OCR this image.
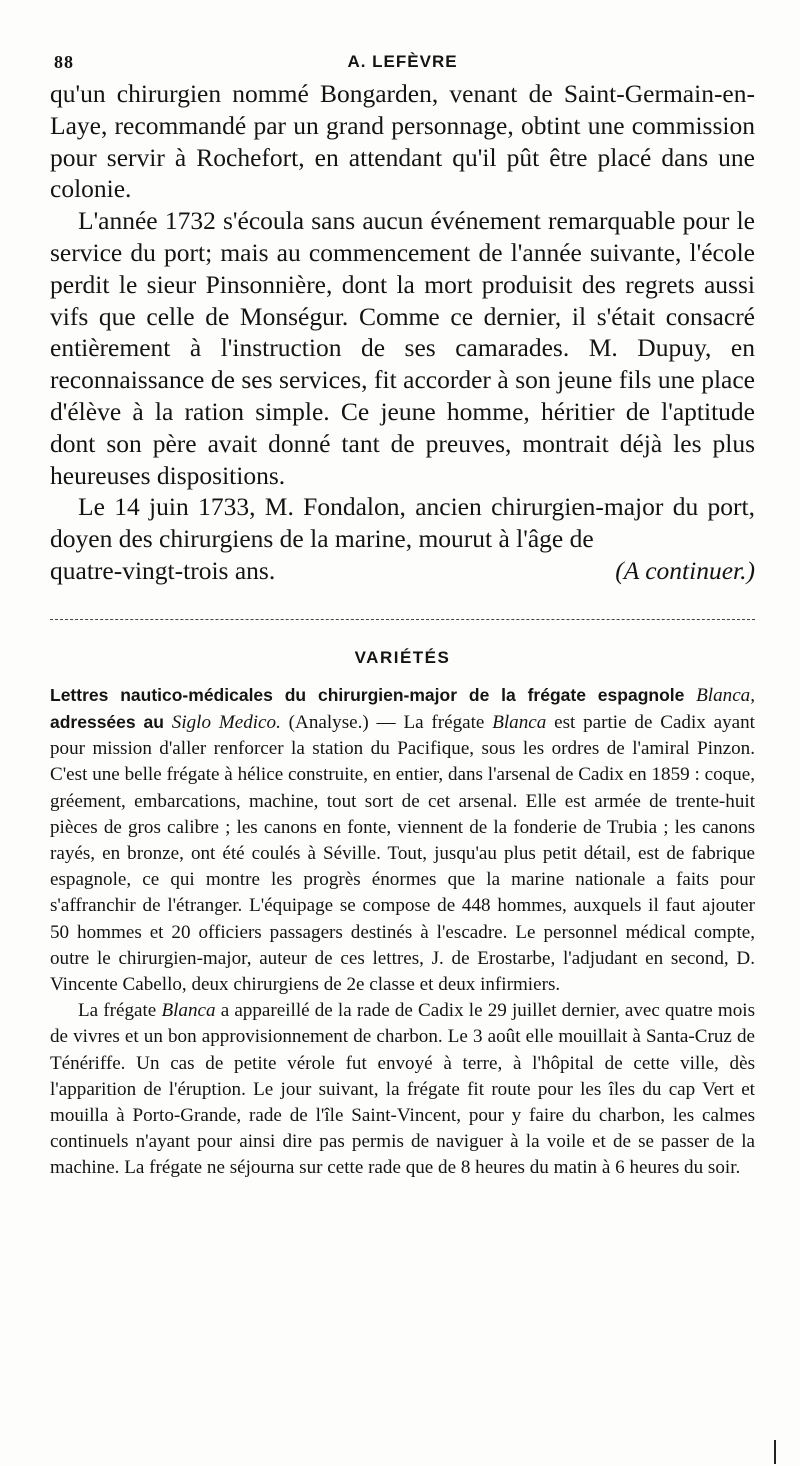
88	A. LEFÈVRE

qu'un chirurgien nommé Bongarden, venant de Saint-Germain-en-Laye, recommandé par un grand personnage, obtint une commission pour servir à Rochefort, en attendant qu'il pût être placé dans une colonie.

L'année 1732 s'écoula sans aucun événement remarquable pour le service du port; mais au commencement de l'année suivante, l'école perdit le sieur Pinsonnière, dont la mort produisit des regrets aussi vifs que celle de Monségur. Comme ce dernier, il s'était consacré entièrement à l'instruction de ses camarades. M. Dupuy, en reconnaissance de ses services, fit accorder à son jeune fils une place d'élève à la ration simple. Ce jeune homme, héritier de l'aptitude dont son père avait donné tant de preuves, montrait déjà les plus heureuses dispositions.

Le 14 juin 1733, M. Fondalon, ancien chirurgien-major du port, doyen des chirurgiens de la marine, mourut à l'âge de

quatre-vingt-trois ans.	(A continuer.)
VARIÉTÉS

Lettres nautico-médicales du chirurgien-major de la frégate espagnole Blanca, adressées au Siglo Medico. (Analyse.) — La frégate Blanca est partie de Cadix ayant pour mission d'aller renforcer la station du Pacifique, sous les ordres de l'amiral Pinzon. C'est une belle frégate à hélice construite, en entier, dans l'arsenal de Cadix en 1859 : coque, gréement, embarcations, machine, tout sort de cet arsenal. Elle est armée de trente-huit pièces de gros calibre ; les canons en fonte, viennent de la fonderie de Trubia ; les canons rayés, en bronze, ont été coulés à Séville. Tout, jusqu'au plus petit détail, est de fabrique espagnole, ce qui montre les progrès énormes que la marine nationale a faits pour s'affranchir de l'étranger. L'équipage se compose de 448 hommes, auxquels il faut ajouter 50 hommes et 20 officiers passagers destinés à l'escadre. Le personnel médical compte, outre le chirurgien-major, auteur de ces lettres, J. de Erostarbe, l'adjudant en second, D. Vincente Cabello, deux chirurgiens de 2e classe et deux infirmiers.

La frégate Blanca a appareillé de la rade de Cadix le 29 juillet dernier, avec quatre mois de vivres et un bon approvisionnement de charbon. Le 3 août elle mouillait à Santa-Cruz de Ténériffe. Un cas de petite vérole fut envoyé à terre, à l'hôpital de cette ville, dès l'apparition de l'éruption. Le jour suivant, la frégate fit route pour les îles du cap Vert et mouilla à Porto-Grande, rade de l'île Saint-Vincent, pour y faire du charbon, les calmes continuels n'ayant pour ainsi dire pas permis de naviguer à la voile et de se passer de la machine. La frégate ne séjourna sur cette rade que de 8 heures du matin à 6 heures du soir.
